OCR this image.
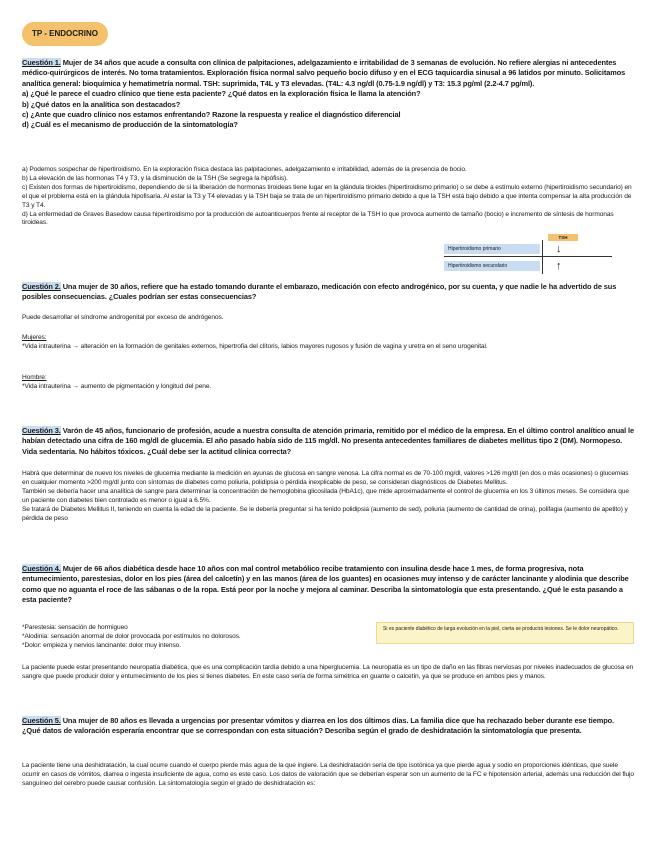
TP - ENDOCRINO

Cuestión 1. Mujer de 34 años que acude a consulta con clínica de palpitaciones, adelgazamiento e irritabilidad de 3 semanas de evolución. No refiere alergias ni antecedentes médico-quirúrgicos de interés. No toma tratamientos. Exploración física normal salvo pequeño bocio difuso y en el ECG taquicardia sinusal a 96 latidos por minuto. Solicitamos analítica general: bioquímica y hematimetría normal. TSH: suprimida, T4L y T3 elevadas. (T4L: 4.3 ng/dl (0.75-1.9 ng/dl) y T3: 15.3 pg/ml (2.2-4.7 pg/ml).

a) ¿Qué le parece el cuadro clínico que tiene esta paciente? ¿Qué datos en la exploración física le llama la atención?

b) ¿Qué datos en la analítica son destacados?

c) ¿Ante que cuadro clínico nos estamos enfrentando? Razone la respuesta y realice el diagnóstico diferencial

d) ¿Cuál es el mecanismo de producción de la sintomatología?

a) Podemos sospechar de hipertiroidismo. En la exploración física destaca las palpitaciones, adelgazamiento e irritabilidad, además de la presencia de bocio.

b) La elevación de las hormonas T4 y T3, y la disminución de la TSH (Se segrega la hipófisis).

c) Existen dos formas de hipertiroidismo, dependiendo de si la liberación de hormonas tiroideas tiene lugar en la glándula tiroides (hipertiroidismo primario) o se debe a estímulo externo (hipertiroidismo secundario) en el que el problema está en la glándula hipofisaria. Al estar la T3 y T4 elevadas y la TSH baja se trata de un hipertiroidismo primario debido a que la TSH está bajo debido a que intenta compensar la alta producción de T3 y T4.

d) La enfermedad de Graves Basedow causa hipertiroidismo por la producción de autoanticuerpos frente al receptor de la TSH lo que provoca aumento de tamaño (bocio) e incremento de síntesis de hormonas tiroideas.

TSH
Hipertiroidismo primario
Hipertiroidismo secundario
↓
↑

Cuestión 2. Una mujer de 30 años, refiere que ha estado tomando durante el embarazo, medicación con efecto androgénico, por su cuenta, y que nadie le ha advertido de sus posibles consecuencias. ¿Cuales podrían ser estas consecuencias?

Puede desarrollar el síndrome androgenital por exceso de andrógenos.

Mujeres:

*Vida intrauterina → alteración en la formación de genitales externos, hipertrofia del clítoris, labios mayores rugosos y fusión de vagina y uretra en el seno urogenital.

Hombre:

*Vida intrauterina → aumento de pigmentación y longitud del pene.

Cuestión 3. Varón de 45 años, funcionario de profesión, acude a nuestra consulta de atención primaria, remitido por el médico de la empresa. En el último control analítico anual le habían detectado una cifra de 160 mg/dl de glucemia. El año pasado había sido de 115 mg/dl. No presenta antecedentes familiares de diabetes mellitus tipo 2 (DM). Normopeso. Vida sedentaria. No hábitos tóxicos. ¿Cuál debe ser la actitud clínica correcta?

Habrá que determinar de nuevo los niveles de glucemia mediante la medición en ayunas de glucosa en sangre venosa. La cifra normal es de 70-100 mg/dl, valores >126 mg/dl (en dos o más ocasiones) o glucemias en cualquier momento >200 mg/dl junto con síntomas de diabetes como poliuria, polidipsia o pérdida inexplicable de peso, se consideran diagnósticos de Diabetes Mellitus.

También se debería hacer una analítica de sangre para determinar la concentración de hemoglobina glicosilada (HbA1c), que mide aproximadamente el control de glucemia en los 3 últimos meses. Se considera que un paciente con diabetes bien controlado es menor o igual a 6.5%.

Se tratará de Diabetes Mellitus II, teniendo en cuenta la edad de la paciente. Se le debería preguntar si ha tenido polidipsia (aumento de sed), poliuria (aumento de cantidad de orina), polifagia (aumento de apetito) y pérdida de peso

Cuestión 4. Mujer de 66 años diabética desde hace 10 años con mal control metabólico recibe tratamiento con insulina desde hace 1 mes, de forma progresiva, nota entumecimiento, parestesias, dolor en los pies (área del calcetín) y en las manos (área de los guantes) en ocasiones muy intenso y de carácter lancinante y alodinia que describe como que no aguanta el roce de las sábanas o de la ropa. Está peor por la noche y mejora al caminar. Describa la sintomatología que esta presentando. ¿Qué le esta pasando a esta paciente?

*Parestesia: sensación de hormigueo

*Alodinia: sensación anormal de dolor provocada por estímulos no dolorosos.

*Dolor: empieza y nervios lancinante: dolor muy intenso.

Si es paciente diabético de larga evolución en la piel, cierta se producirá lesiones. Se le dolor neuropático.

La paciente puede estar presentando neuropatía diabética, que es una complicación tardía debido a una hiperglucemia. La neuropatía es un tipo de daño en las fibras nerviosas por niveles inadecuados de glucosa en sangre que puede producir dolor y entumecimiento de los pies si tienes diabetes. En este caso sería de forma simétrica en guante o calcetín, ya que se produce en ambos pies y manos.

Cuestión 5. Una mujer de 80 años es llevada a urgencias por presentar vómitos y diarrea en los dos últimos días. La familia dice que ha rechazado beber durante ese tiempo. ¿Qué datos de valoración esperaría encontrar que se correspondan con esta situación? Describa según el grado de deshidratación la sintomatología que presenta.

La paciente tiene una deshidratación, la cual ocurre cuando el cuerpo pierde más agua de la que ingiere. La deshidratación sería de tipo isotónica ya que pierde agua y sodio en proporciones idénticas, que suele ocurrir en casos de vómitos, diarrea o ingesta insuficiente de agua, como es este caso. Los datos de valoración que se deberían esperar son un aumento de la FC e hipotensión arterial, además una reducción del flujo sanguíneo del cerebro puede causar confusión. La sintomatología según el grado de deshidratación es:
